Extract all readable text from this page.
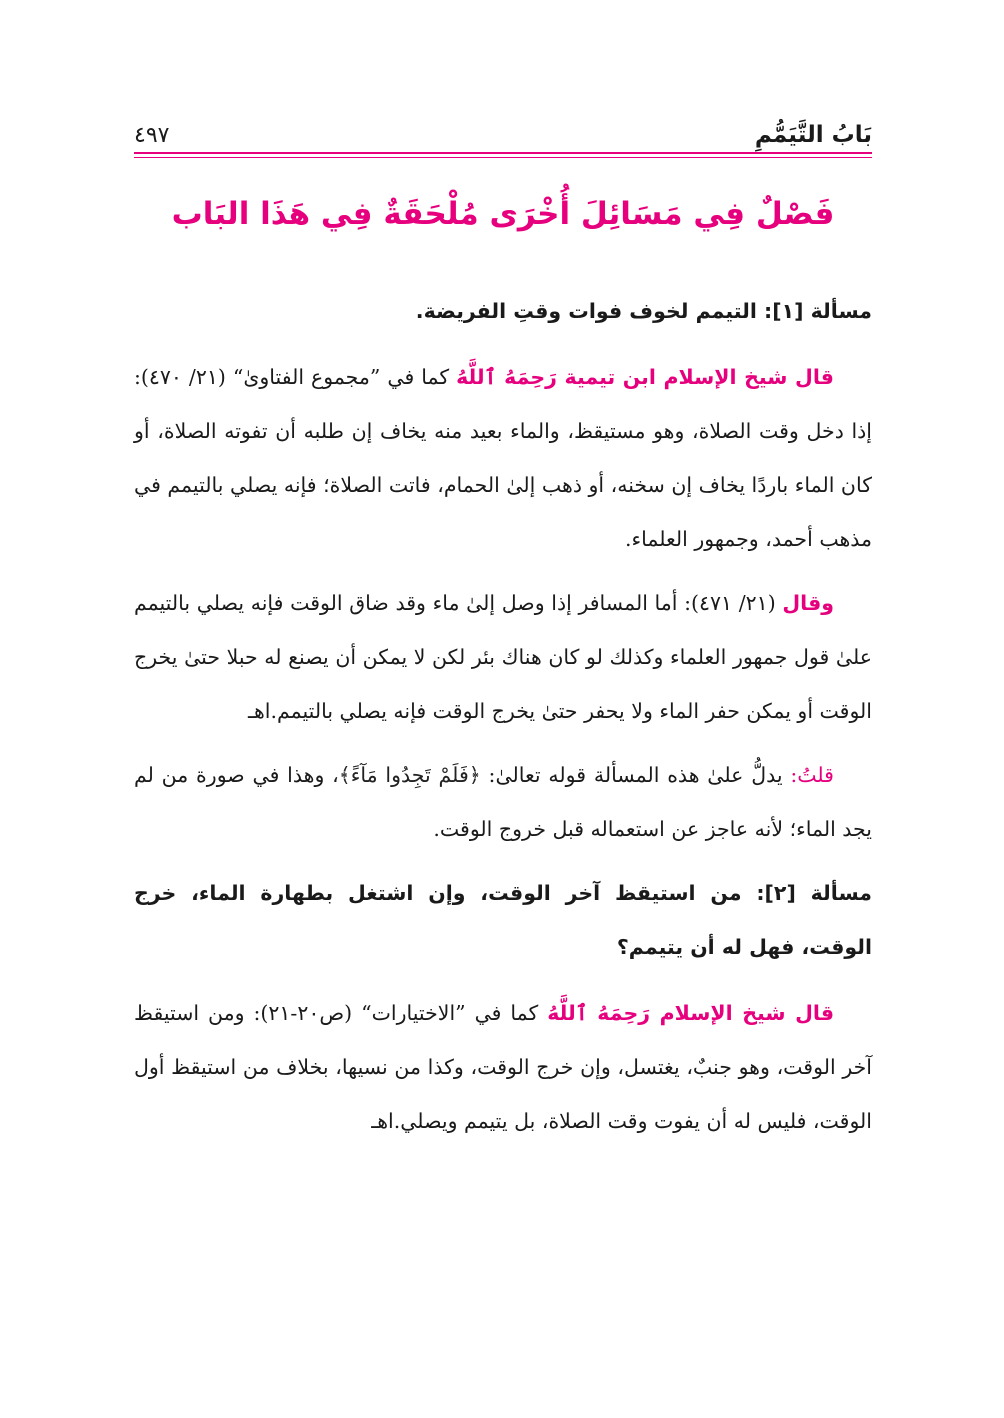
بَابُ التَّيَمُّمِ
٤٩٧
فَصْلٌ فِي مَسَائِلَ أُخْرَى مُلْحَقَةٌ فِي هَذَا البَاب

مسألة [١]: التيمم لخوف فوات وقتِ الفريضة.

قال شيخ الإسلام ابن تيمية رَحِمَهُ ٱللَّهُ كما في ”مجموع الفتاوىٰ“ (٢١/ ٤٧٠): إذا دخل وقت الصلاة، وهو مستيقظ، والماء بعيد منه يخاف إن طلبه أن تفوته الصلاة، أو كان الماء باردًا يخاف إن سخنه، أو ذهب إلىٰ الحمام، فاتت الصلاة؛ فإنه يصلي بالتيمم في مذهب أحمد، وجمهور العلماء.

وقال (٢١/ ٤٧١): أما المسافر إذا وصل إلىٰ ماء وقد ضاق الوقت فإنه يصلي بالتيمم علىٰ قول جمهور العلماء وكذلك لو كان هناك بئر لكن لا يمكن أن يصنع له حبلا حتىٰ يخرج الوقت أو يمكن حفر الماء ولا يحفر حتىٰ يخرج الوقت فإنه يصلي بالتيمم.اهـ

قلتُ: يدلُّ علىٰ هذه المسألة قوله تعالىٰ: ﴿فَلَمْ تَجِدُوا مَآءً﴾، وهذا في صورة من لم يجد الماء؛ لأنه عاجز عن استعماله قبل خروج الوقت.

مسألة [٢]: من استيقظ آخر الوقت، وإن اشتغل بطهارة الماء، خرج الوقت، فهل له أن يتيمم؟

قال شيخ الإسلام رَحِمَهُ ٱللَّهُ كما في ”الاختيارات“ (ص٢٠-٢١): ومن استيقظ آخر الوقت، وهو جنبٌ، يغتسل، وإن خرج الوقت، وكذا من نسيها، بخلاف من استيقظ أول الوقت، فليس له أن يفوت وقت الصلاة، بل يتيمم ويصلي.اهـ
